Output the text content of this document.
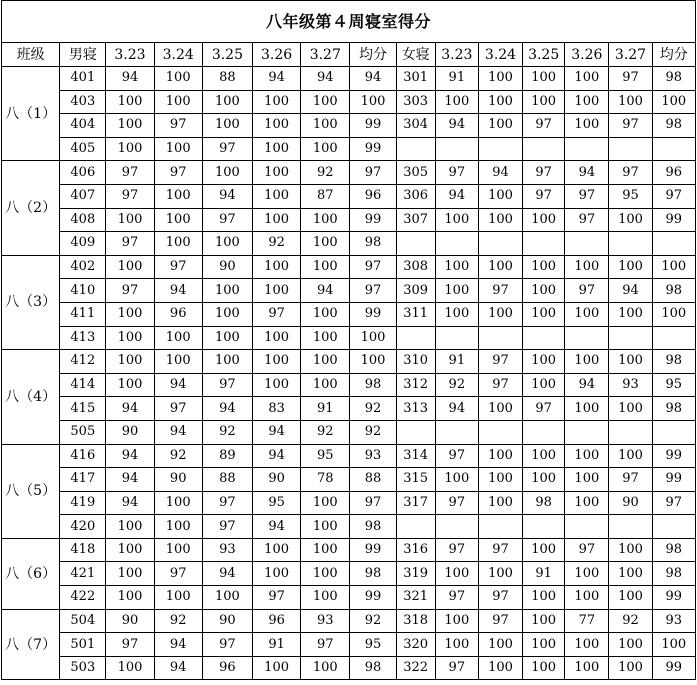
八年级第４周寝室得分														
班级	男寝	3.23	3.24	3.25	3.26	3.27	均分	女寝	3.23	3.24	3.25	3.26	3.27	均分
八（1）	401	94	100	88	94	94	94	301	91	100	100	100	97	98
	403	100	100	100	100	100	100	303	100	100	100	100	100	100
	404	100	97	100	100	100	99	304	94	100	97	100	97	98
	405	100	100	97	100	100	99							
八（2）	406	97	97	100	100	92	97	305	97	94	97	94	97	96
	407	97	100	94	100	87	96	306	94	100	97	97	95	97
	408	100	100	97	100	100	99	307	100	100	100	97	100	99
	409	97	100	100	92	100	98							
八（3）	402	100	97	90	100	100	97	308	100	100	100	100	100	100
	410	97	94	100	100	94	97	309	100	97	100	97	94	98
	411	100	96	100	97	100	99	311	100	100	100	100	100	100
	413	100	100	100	100	100	100							
八（4）	412	100	100	100	100	100	100	310	91	97	100	100	100	98
	414	100	94	97	100	100	98	312	92	97	100	94	93	95
	415	94	97	94	83	91	92	313	94	100	97	100	100	98
	505	90	94	92	94	92	92							
八（5）	416	94	92	89	94	95	93	314	97	100	100	100	100	99
	417	94	90	88	90	78	88	315	100	100	100	100	97	99
	419	94	100	97	95	100	97	317	97	100	98	100	90	97
	420	100	100	97	94	100	98							
八（6）	418	100	100	93	100	100	99	316	97	97	100	97	100	98
	421	100	97	94	100	100	98	319	100	100	91	100	100	98
	422	100	100	100	97	100	99	321	97	97	100	100	100	99
八（7）	504	90	92	90	96	93	92	318	100	97	100	77	92	93
	501	97	94	97	91	97	95	320	100	100	100	100	100	100
	503	100	94	96	100	100	98	322	97	100	100	100	100	99
